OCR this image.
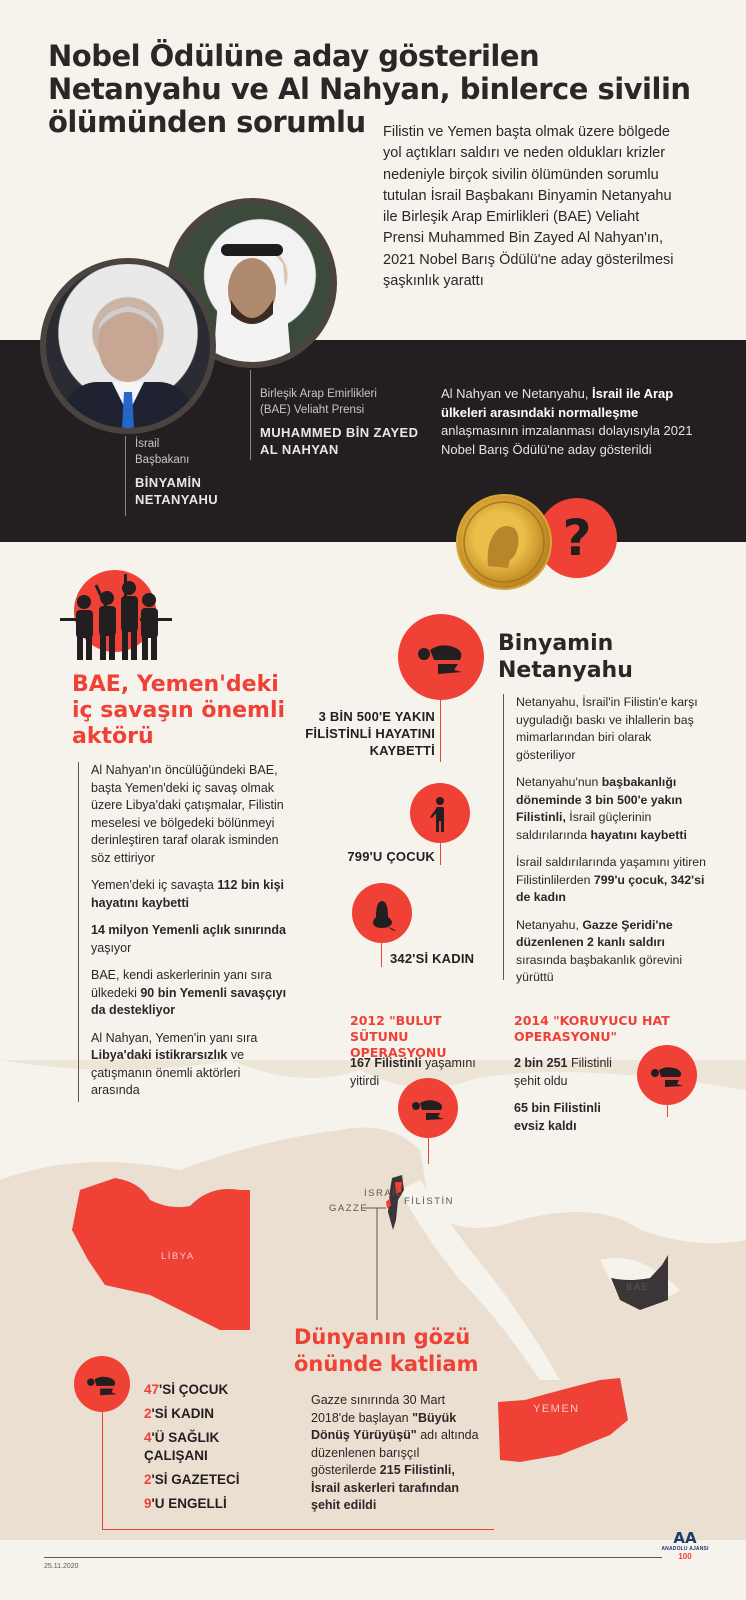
Nobel Ödülüne aday gösterilen Netanyahu ve Al Nahyan, binlerce sivilin ölümünden sorumlu	Filistin ve Yemen başta olmak üzere bölgede yol açtıkları saldırı ve neden oldukları krizler nedeniyle birçok sivilin ölümünden sorumlu tutulan İsrail Başbakanı Binyamin Netanyahu ile Birleşik Arap Emirlikleri (BAE) Veliaht Prensi Muhammed Bin Zayed Al Nahyan'ın, 2021 Nobel Barış Ödülü'ne aday gösterilmesi şaşkınlık yarattı

İsrail
Başbakanı
BİNYAMİN
NETANYAHU
Birleşik Arap Emirlikleri
(BAE) Veliaht Prensi
MUHAMMED BİN ZAYED
AL NAHYAN

Al Nahyan ve Netanyahu, İsrail ile Arap ülkeleri arasındaki normalleşme anlaşmasının imzalanması dolayısıyla 2021 Nobel Barış Ödülü'ne aday gösterildi

?
İSRAİL
FİLİSTİN
GAZZE
LİBYA
BAE
YEMEN
BAE, Yemen'deki iç savaşın önemli aktörü

Al Nahyan'ın öncülüğündeki BAE, başta Yemen'deki iç savaş olmak üzere Libya'daki çatışmalar, Filistin meselesi ve bölgedeki bölünmeyi derinleştiren taraf olarak isminden söz ettiriyor

Yemen'deki iç savaşta 112 bin kişi hayatını kaybetti

14 milyon Yemenli açlık sınırında yaşıyor

BAE, kendi askerlerinin yanı sıra ülkedeki 90 bin Yemenli savaşçıyı da destekliyor

Al Nahyan, Yemen'in yanı sıra Libya'daki istikrarsızlık ve çatışmanın önemli aktörleri arasında

3 BİN 500'E YAKIN
FİLİSTİNLİ HAYATINI
KAYBETTİ
799'U ÇOCUK
342'Sİ KADIN
Binyamin
Netanyahu

Netanyahu, İsrail'in Filistin'e karşı uyguladığı baskı ve ihlallerin baş mimarlarından biri olarak gösteriliyor

Netanyahu'nun başbakanlığı döneminde 3 bin 500'e yakın Filistinli, İsrail güçlerinin saldırılarında hayatını kaybetti

İsrail saldırılarında yaşamını yitiren Filistinlilerden 799'u çocuk, 342'si de kadın

Netanyahu, Gazze Şeridi'ne düzenlenen 2 kanlı saldırı sırasında başbakanlık görevini yürüttü

2012 "BULUT SÜTUNU OPERASYONU

167 Filistinli yaşamını yitirdi

2014 "KORUYUCU HAT OPERASYONU"

2 bin 251 Filistinli şehit oldu

65 bin Filistinli evsiz kaldı

Dünyanın gözü
önünde katliam

Gazze sınırında 30 Mart 2018'de başlayan "Büyük Dönüş Yürüyüşü" adı altında düzenlenen barışçıl gösterilerde 215 Filistinli, İsrail askerleri tarafından şehit edildi

47'Sİ ÇOCUK
2'Sİ KADIN
4'Ü SAĞLIK ÇALIŞANI
2'Sİ GAZETECİ
9'U ENGELLİ
25.11.2020
AA
ANADOLU AJANSI
100
